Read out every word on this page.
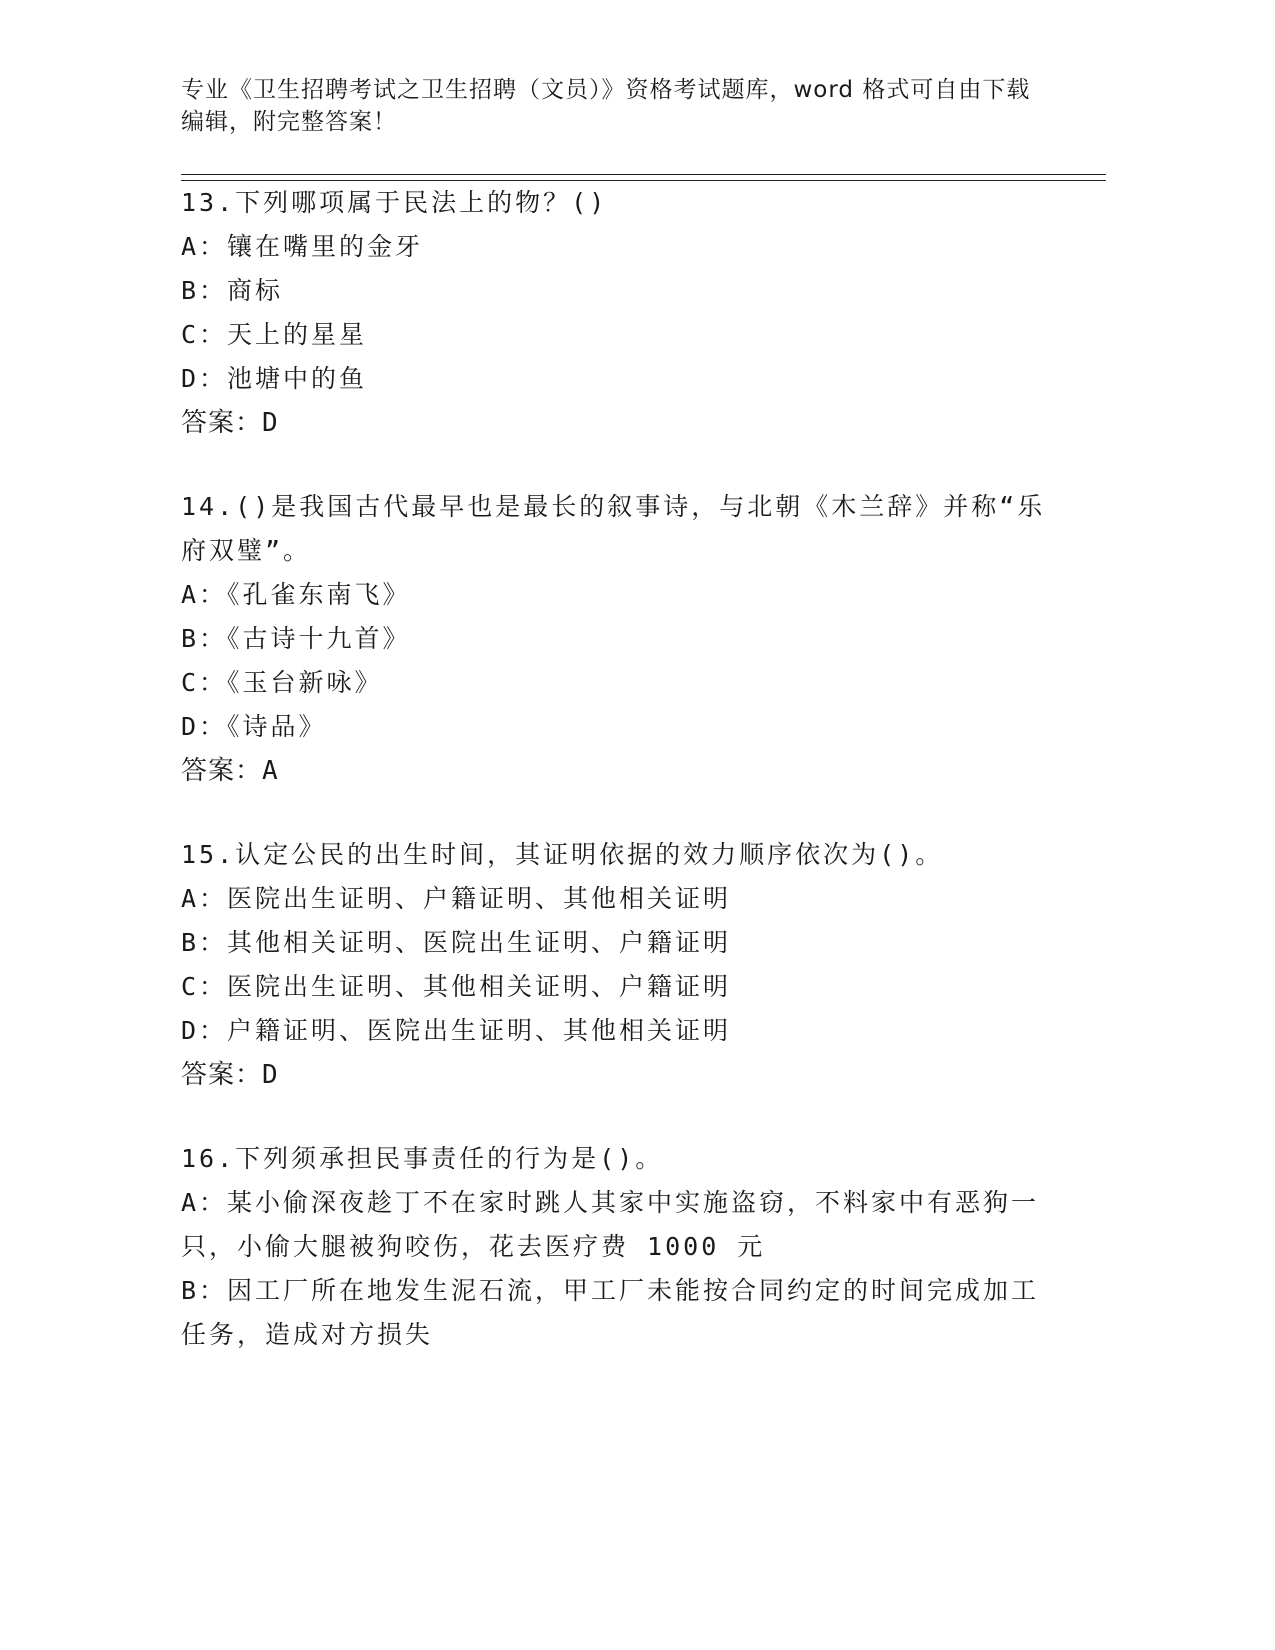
专业《卫生招聘考试之卫生招聘（文员）》资格考试题库，word 格式可自由下载
编辑，附完整答案！
13.下列哪项属于民法上的物？()
A：镶在嘴里的金牙
B：商标
C：天上的星星
D：池塘中的鱼
答案：D
14.()是我国古代最早也是最长的叙事诗，与北朝《木兰辞》并称“乐
府双璧”。
A：《孔雀东南飞》
B：《古诗十九首》
C：《玉台新咏》
D：《诗品》
答案：A
15.认定公民的出生时间，其证明依据的效力顺序依次为()。
A：医院出生证明、户籍证明、其他相关证明
B：其他相关证明、医院出生证明、户籍证明
C：医院出生证明、其他相关证明、户籍证明
D：户籍证明、医院出生证明、其他相关证明
答案：D
16.下列须承担民事责任的行为是()。
A：某小偷深夜趁丁不在家时跳人其家中实施盗窃，不料家中有恶狗一
只，小偷大腿被狗咬伤，花去医疗费 1000 元
B：因工厂所在地发生泥石流，甲工厂未能按合同约定的时间完成加工
任务，造成对方损失
